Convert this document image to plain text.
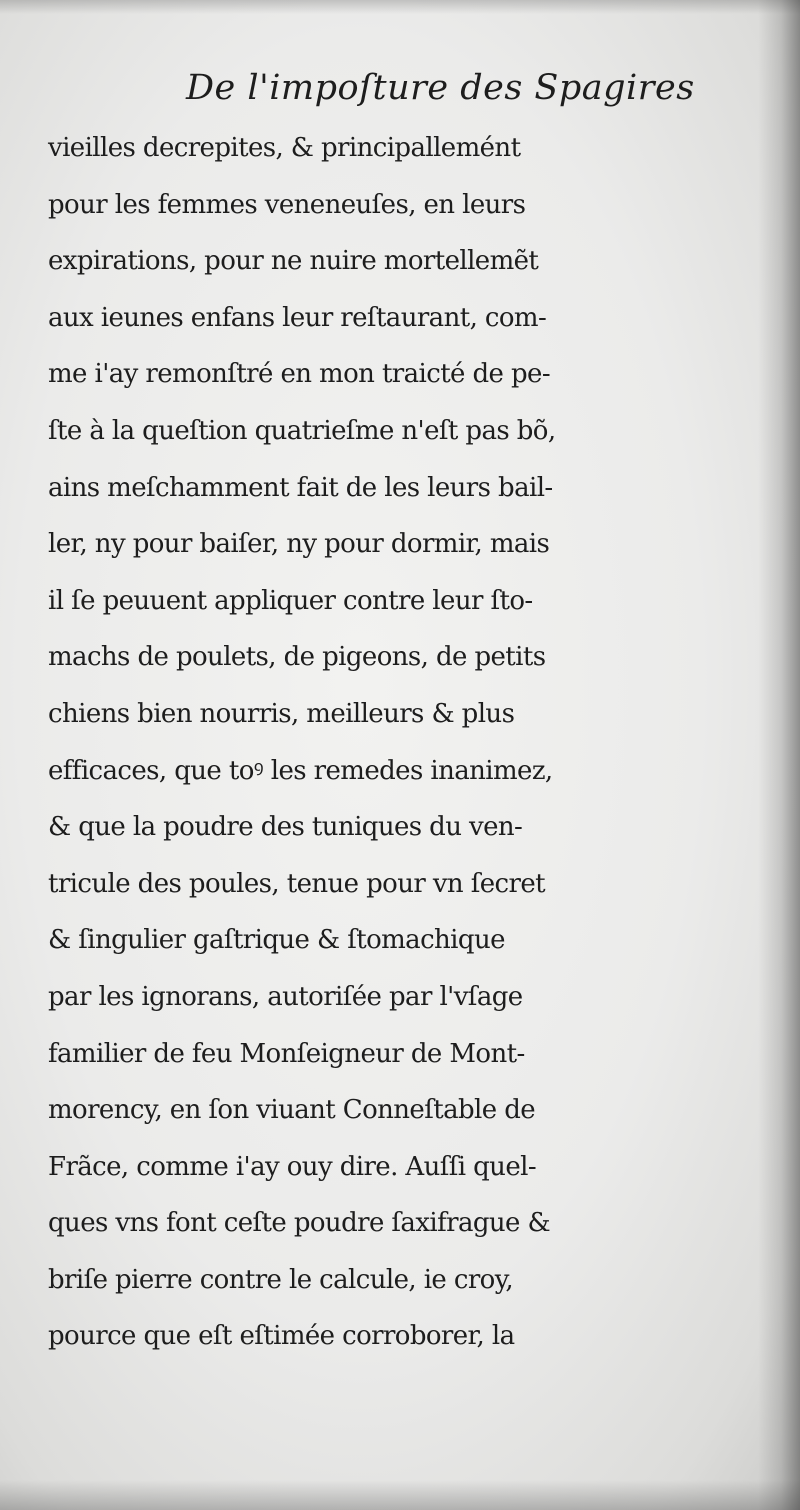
De l'impoſture des Spagires
vieilles decrepites, & principallemént
pour les femmes veneneuſes, en leurs
expirations, pour ne nuire mortellemẽt
aux ieunes enfans leur reſtaurant, com-
me i'ay remonſtré en mon traicté de pe-
ſte à la queſtion quatrieſme n'eſt pas bõ,
ains meſchamment fait de les leurs bail-
ler, ny pour baiſer, ny pour dormir, mais
il ſe peuuent appliquer contre leur ſto-
machs de poulets, de pigeons, de petits
chiens bien nourris, meilleurs & plus
efficaces, que toꝰ les remedes inanimez,
& que la poudre des tuniques du ven-
tricule des poules, tenue pour vn ſecret
& ſingulier gaſtrique & ſtomachique
par les ignorans, autoriſée par l'vſage
familier de feu Monſeigneur de Mont-
morency, en ſon viuant Conneſtable de
Frãce, comme i'ay ouy dire. Auſſi quel-
ques vns font ceſte poudre ſaxifrague &
briſe pierre contre le calcule, ie croy,
pource que eſt eſtimée corroborer, la
